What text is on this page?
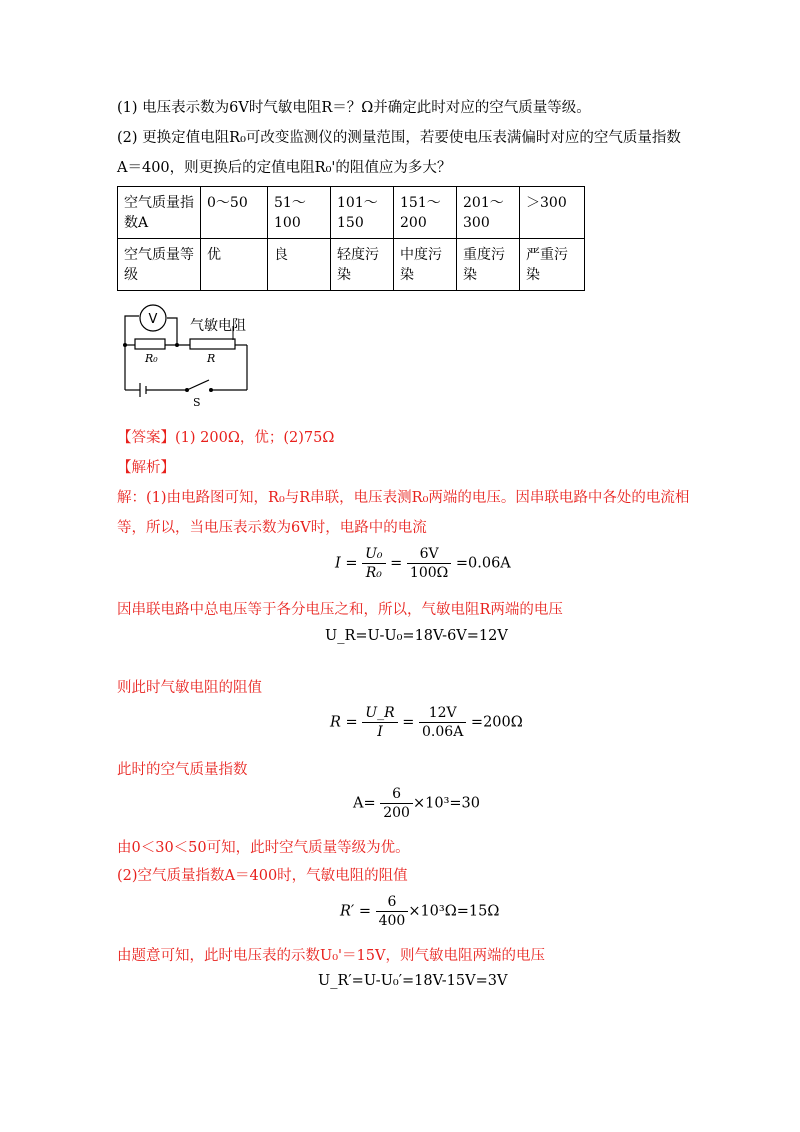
(1) 电压表示数为6V时气敏电阻R＝？Ω并确定此时对应的空气质量等级。
(2) 更换定值电阻R₀可改变监测仪的测量范围，若要使电压表满偏时对应的空气质量指数
A＝400，则更换后的定值电阻R₀'的阻值应为多大？
空气质量指数A	0～50	51～100	101～150	151～200	201～300	＞300
空气质量等级	优	良	轻度污染	中度污染	重度污染	严重污染
V
R₀	R
气敏电阻
S
【答案】(1) 200Ω，优；(2)75Ω
【解析】
解：(1)由电路图可知，R₀与R串联，电压表测R₀两端的电压。因串联电路中各处的电流相
等，所以，当电压表示数为6V时，电路中的电流
$I = \frac{\text{U₀}}{\text{R₀}} = \frac{6V}{100\Omega} =0.06A$
因串联电路中总电压等于各分电压之和，所以，气敏电阻R两端的电压
U_R=U-U₀=18V-6V=12V
则此时气敏电阻的阻值
$R = \frac{U\_R}{I} = \frac{12V}{0.06A} =200\Omega$
此时的空气质量指数
$A= \frac{6}{200} \times 10^3=30$
由0＜30＜50可知，此时空气质量等级为优。
(2)空气质量指数A＝400时，气敏电阻的阻值
$R' = \frac{6}{400} \times 10^3\Omega=15\Omega$
由题意可知，此时电压表的示数U₀'＝15V，则气敏电阻两端的电压
U_R′=U-U₀′=18V-15V=3V
